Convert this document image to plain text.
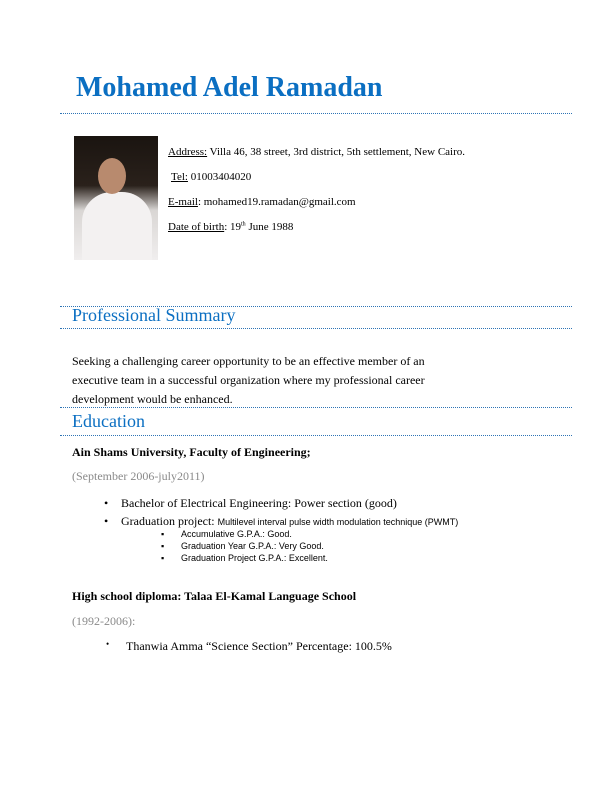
Mohamed Adel Ramadan
Address: Villa 46, 38 street, 3rd district, 5th settlement, New Cairo.
Tel: 01003404020
E-mail: mohamed19.ramadan@gmail.com
Date of birth: 19th June 1988
Professional Summary
Seeking a challenging career opportunity to be an effective member of an executive team in a successful organization where my professional career development would be enhanced.
Education
Ain Shams University, Faculty of Engineering;
(September 2006-july2011)
• Bachelor of Electrical Engineering: Power section (good)
• Graduation project: Multilevel interval pulse width modulation technique (PWMT)
▪ Accumulative G.P.A.: Good.
▪ Graduation Year G.P.A.: Very Good.
▪ Graduation Project G.P.A.: Excellent.
High school diploma: Talaa El-Kamal Language School
(1992-2006):
• Thanwia Amma “Science Section” Percentage: 100.5%
